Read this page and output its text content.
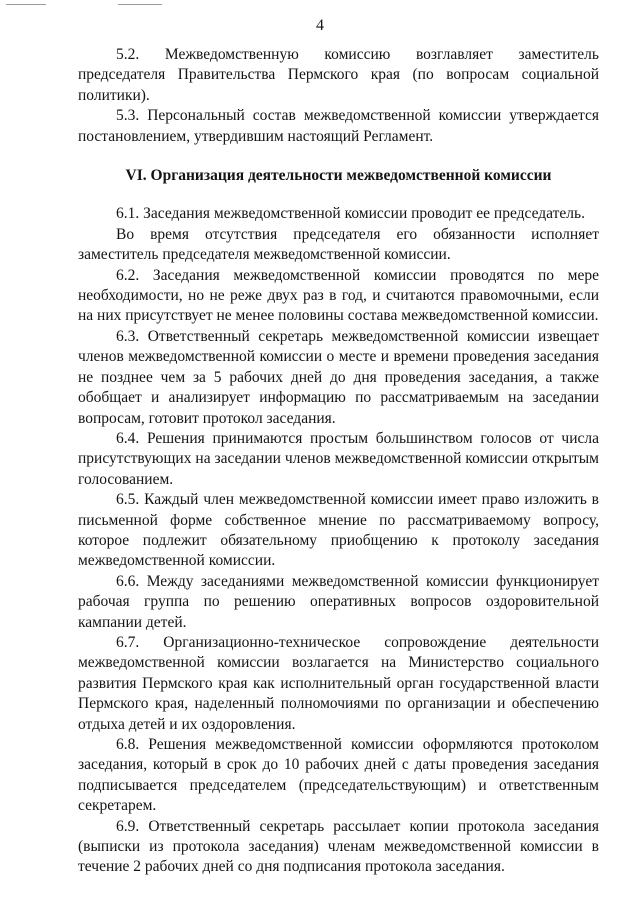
4

5.2. Межведомственную комиссию возглавляет заместитель председателя Правительства Пермского края (по вопросам социальной политики).

5.3. Персональный состав межведомственной комиссии утверждается постановлением, утвердившим настоящий Регламент.

VI. Организация деятельности межведомственной комиссии

6.1. Заседания межведомственной комиссии проводит ее председатель.

Во время отсутствия председателя его обязанности исполняет заместитель председателя межведомственной комиссии.

6.2. Заседания межведомственной комиссии проводятся по мере необходимости, но не реже двух раз в год, и считаются правомочными, если на них присутствует не менее половины состава межведомственной комиссии.

6.3. Ответственный секретарь межведомственной комиссии извещает членов межведомственной комиссии о месте и времени проведения заседания не позднее чем за 5 рабочих дней до дня проведения заседания, а также обобщает и анализирует информацию по рассматриваемым на заседании вопросам, готовит протокол заседания.

6.4. Решения принимаются простым большинством голосов от числа присутствующих на заседании членов межведомственной комиссии открытым голосованием.

6.5. Каждый член межведомственной комиссии имеет право изложить в письменной форме собственное мнение по рассматриваемому вопросу, которое подлежит обязательному приобщению к протоколу заседания межведомственной комиссии.

6.6. Между заседаниями межведомственной комиссии функционирует рабочая группа по решению оперативных вопросов оздоровительной кампании детей.

6.7. Организационно-техническое сопровождение деятельности межведомственной комиссии возлагается на Министерство социального развития Пермского края как исполнительный орган государственной власти Пермского края, наделенный полномочиями по организации и обеспечению отдыха детей и их оздоровления.

6.8. Решения межведомственной комиссии оформляются протоколом заседания, который в срок до 10 рабочих дней с даты проведения заседания подписывается председателем (председательствующим) и ответственным секретарем.

6.9. Ответственный секретарь рассылает копии протокола заседания (выписки из протокола заседания) членам межведомственной комиссии в течение 2 рабочих дней со дня подписания протокола заседания.
